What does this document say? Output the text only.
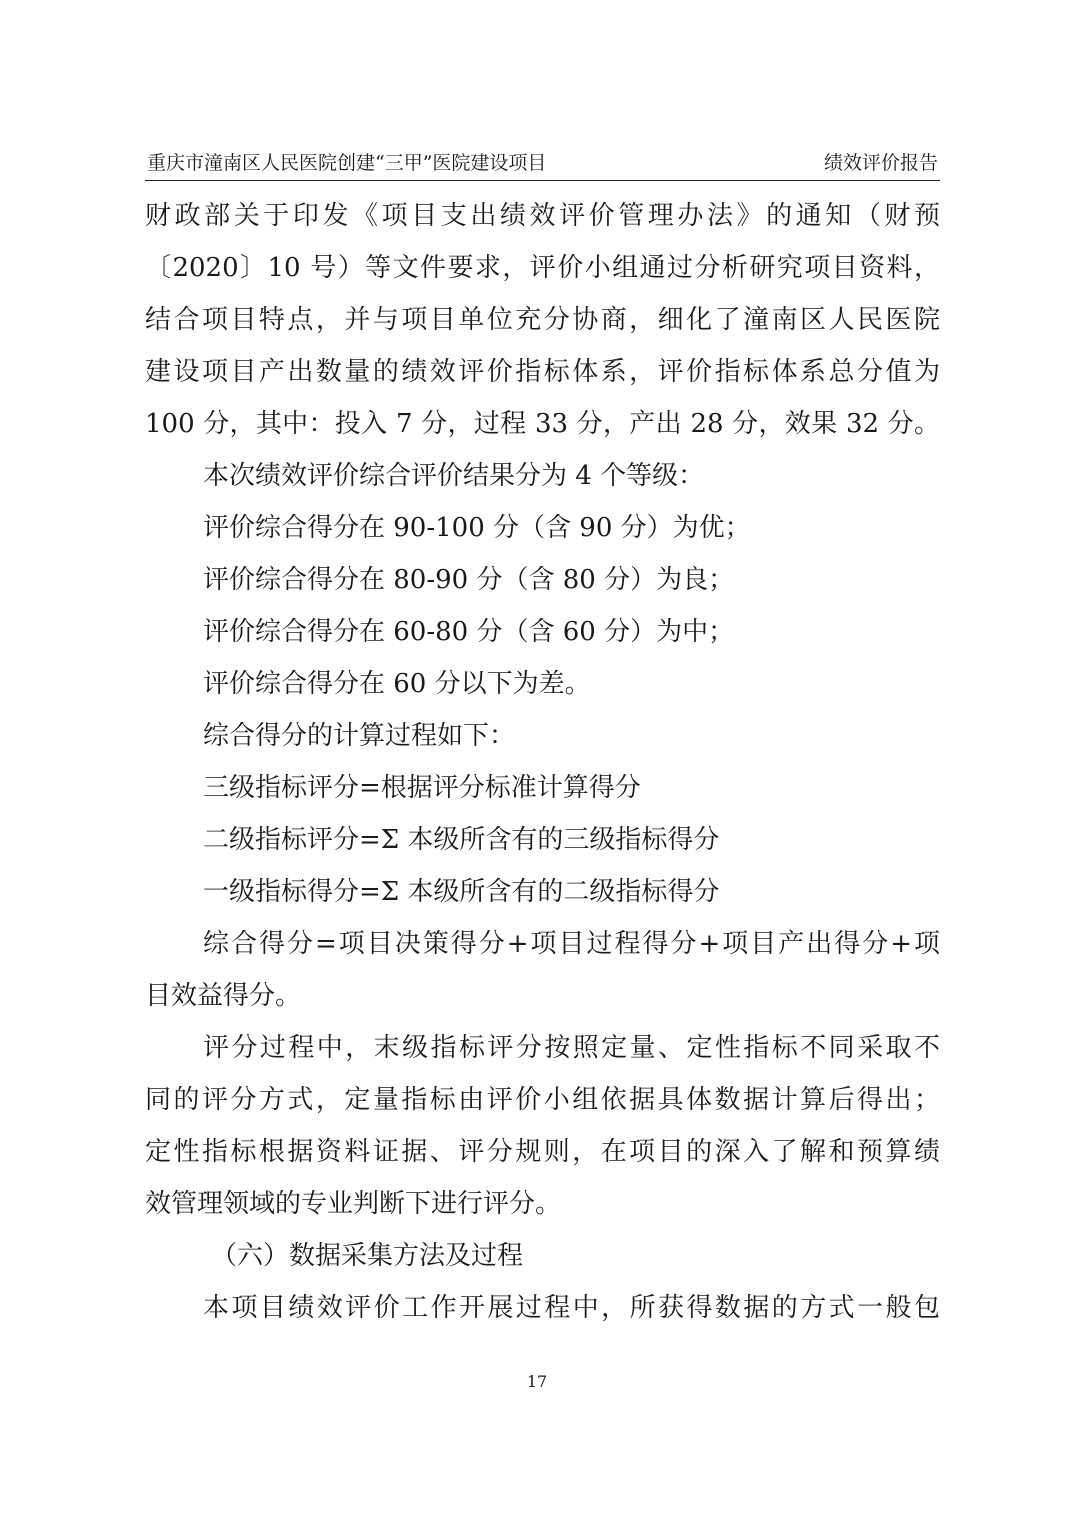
重庆市潼南区人民医院创建“三甲”医院建设项目	绩效评价报告
财政部关于印发《项目支出绩效评价管理办法》的通知（财预
〔2020〕10 号）等文件要求，评价小组通过分析研究项目资料，
结合项目特点，并与项目单位充分协商，细化了潼南区人民医院
建设项目产出数量的绩效评价指标体系，评价指标体系总分值为
100 分，其中：投入 7 分，过程 33 分，产出 28 分，效果 32 分。
本次绩效评价综合评价结果分为 4 个等级：
评价综合得分在 90-100 分（含 90 分）为优；
评价综合得分在 80-90 分（含 80 分）为良；
评价综合得分在 60-80 分（含 60 分）为中；
评价综合得分在 60 分以下为差。
综合得分的计算过程如下：
三级指标评分=根据评分标准计算得分
二级指标评分=Σ 本级所含有的三级指标得分
一级指标得分=Σ 本级所含有的二级指标得分
综合得分=项目决策得分+项目过程得分+项目产出得分+项
目效益得分。
评分过程中，末级指标评分按照定量、定性指标不同采取不
同的评分方式，定量指标由评价小组依据具体数据计算后得出；
定性指标根据资料证据、评分规则，在项目的深入了解和预算绩
效管理领域的专业判断下进行评分。
（六）数据采集方法及过程
本项目绩效评价工作开展过程中，所获得数据的方式一般包
17
